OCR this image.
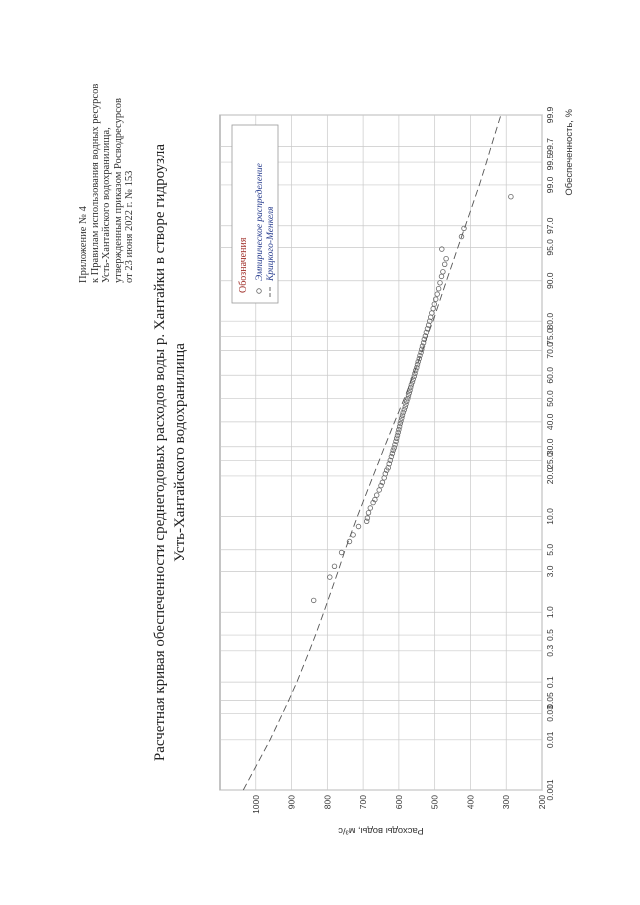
Приложение № 4 к Правилам использования водных ресурсов Усть-Хантайского водохранилища, утвержденным приказом Росводресурсов от 23 июня 2022 г. № 153 Расчетная кривая обеспеченности среднегодовых расходов воды р. Хантайки в створе гидроузла Усть-Хантайского водохранилища
200
300
400
500
600
700
800
900
1000
0.001
0.01
0.03
0.05
0.1
0.3
0.5
1.0
3.0
5.0
10.0
20.0
25.0
30.0
40.0
50.0
60.0
70.0
75.0
80.0
90.0
95.0
97.0
99.0
99.5
99.7
99.9
Расходы воды, м³/с
Обеспеченность, %
Обозначения Эмпирическое распределение Крицкого-Менкеля
